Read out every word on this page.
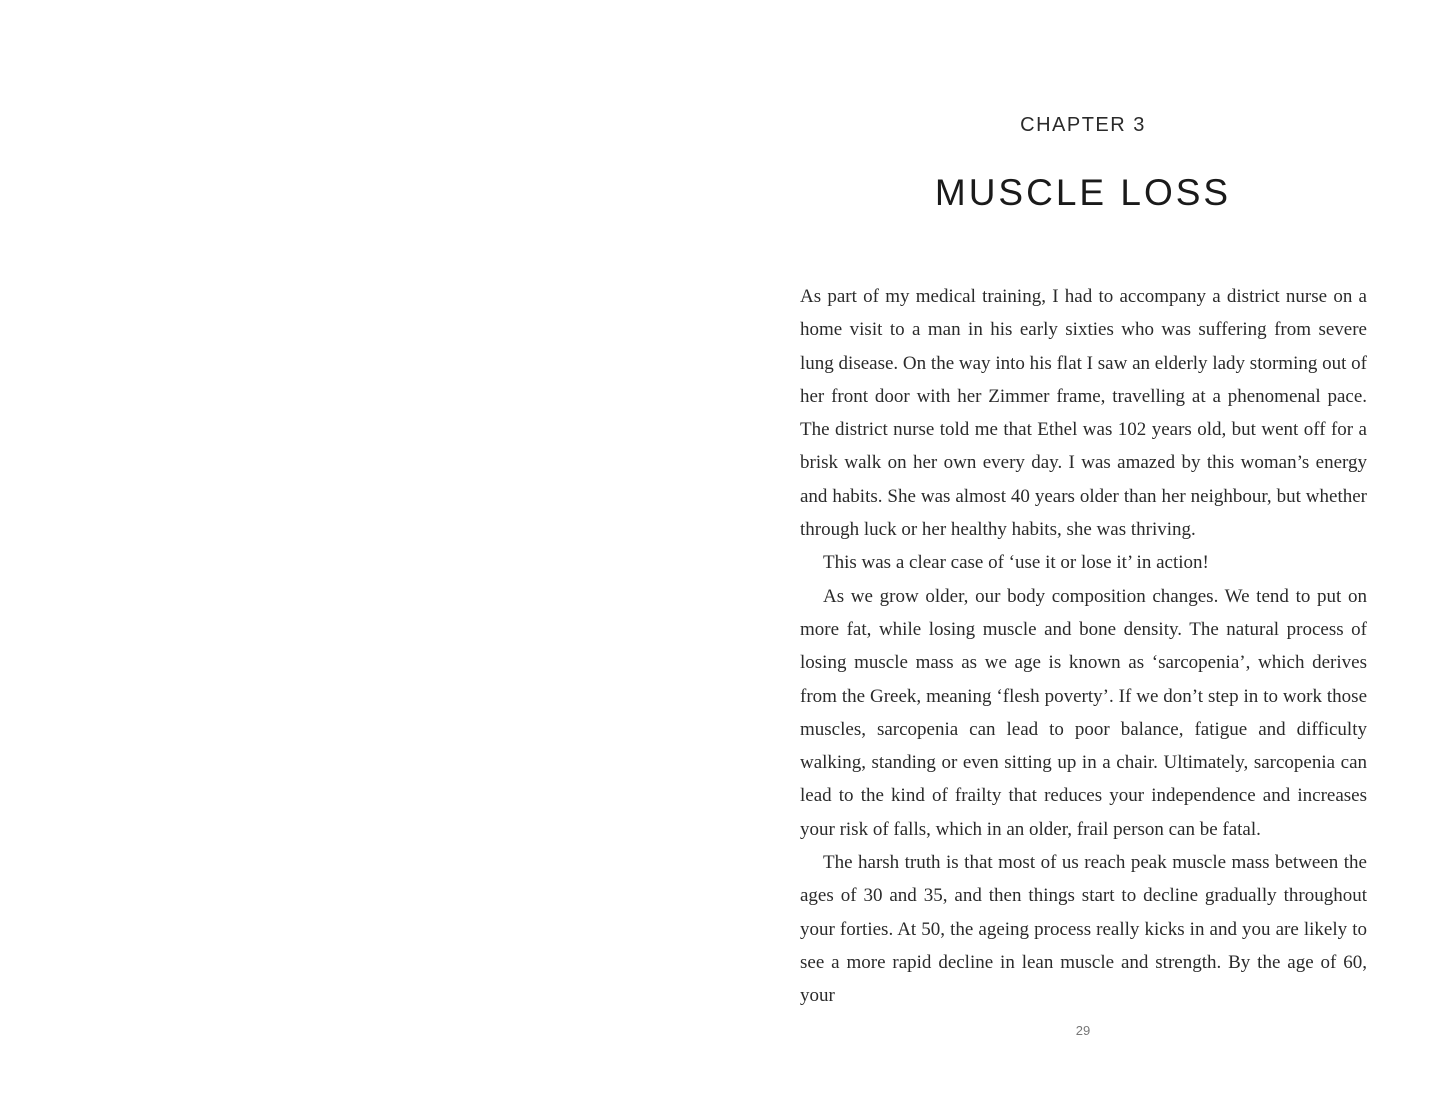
CHAPTER 3
MUSCLE LOSS

As part of my medical training, I had to accompany a district nurse on a home visit to a man in his early sixties who was suffering from severe lung disease. On the way into his flat I saw an elderly lady storming out of her front door with her Zimmer frame, travelling at a phenomenal pace. The district nurse told me that Ethel was 102 years old, but went off for a brisk walk on her own every day. I was amazed by this woman’s energy and habits. She was almost 40 years older than her neighbour, but whether through luck or her healthy habits, she was thriving.

This was a clear case of ‘use it or lose it’ in action!

As we grow older, our body composition changes. We tend to put on more fat, while losing muscle and bone density. The natural process of losing muscle mass as we age is known as ‘sarcopenia’, which derives from the Greek, meaning ‘flesh poverty’. If we don’t step in to work those muscles, sarcopenia can lead to poor balance, fatigue and difficulty walking, standing or even sitting up in a chair. Ultimately, sarcopenia can lead to the kind of frailty that reduces your independence and increases your risk of falls, which in an older, frail person can be fatal.

The harsh truth is that most of us reach peak muscle mass between the ages of 30 and 35, and then things start to decline gradually throughout your forties. At 50, the ageing process really kicks in and you are likely to see a more rapid decline in lean muscle and strength. By the age of 60, your

29
